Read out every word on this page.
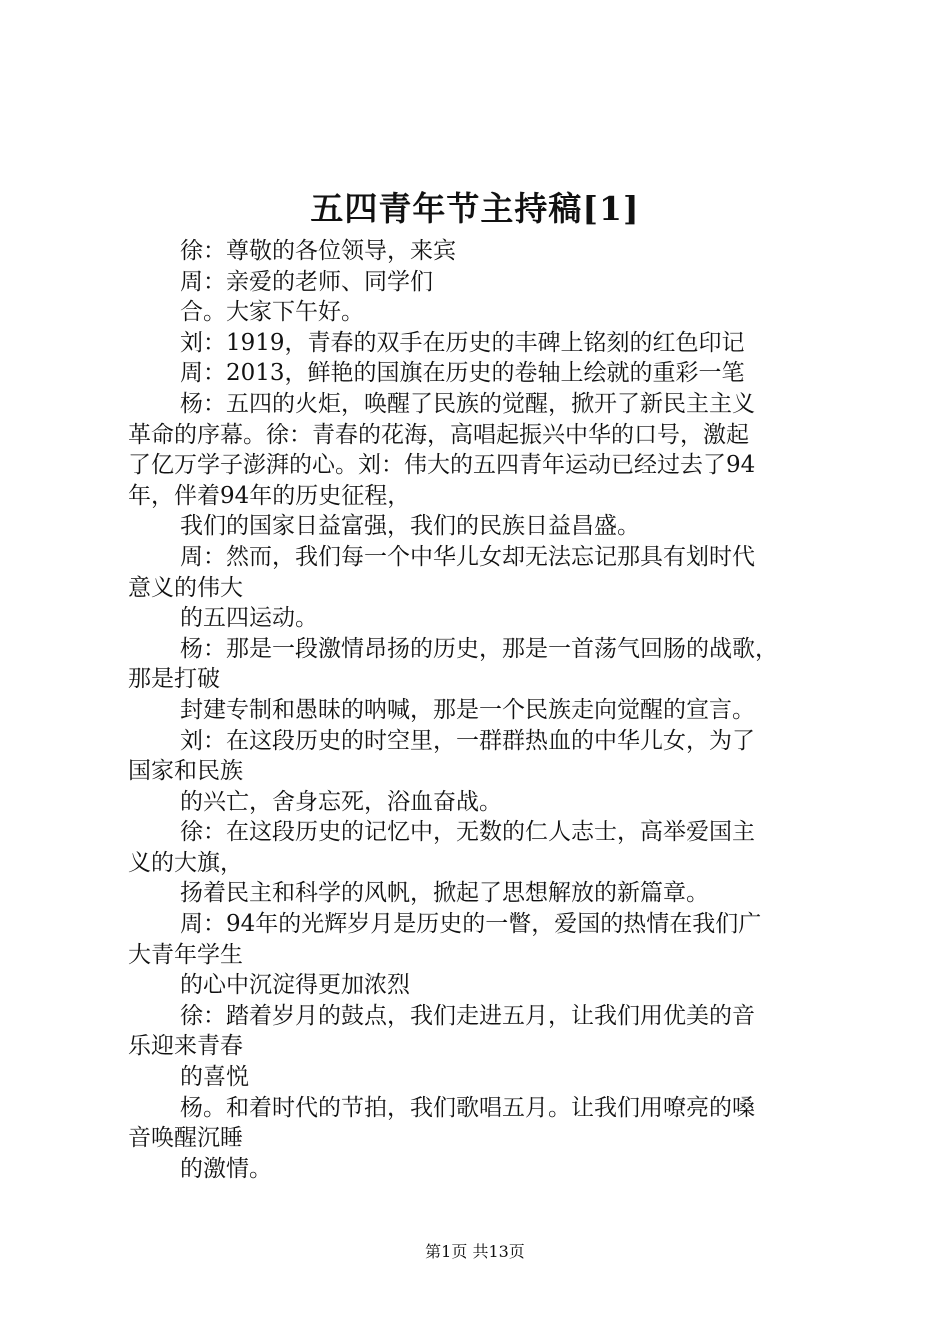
五四青年节主持稿[1]

徐：尊敬的各位领导，来宾

周：亲爱的老师、同学们

合。大家下午好。

刘：1919，青春的双手在历史的丰碑上铭刻的红色印记

周：2013，鲜艳的国旗在历史的卷轴上绘就的重彩一笔

杨：五四的火炬，唤醒了民族的觉醒，掀开了新民主主义

革命的序幕。徐：青春的花海，高唱起振兴中华的口号，激起

了亿万学子澎湃的心。刘：伟大的五四青年运动已经过去了94

年，伴着94年的历史征程，

我们的国家日益富强，我们的民族日益昌盛。

周：然而，我们每一个中华儿女却无法忘记那具有划时代

意义的伟大

的五四运动。

杨：那是一段激情昂扬的历史，那是一首荡气回肠的战歌，

那是打破

封建专制和愚昧的呐喊，那是一个民族走向觉醒的宣言。

刘：在这段历史的时空里，一群群热血的中华儿女，为了

国家和民族

的兴亡，舍身忘死，浴血奋战。

徐：在这段历史的记忆中，无数的仁人志士，高举爱国主

义的大旗，

扬着民主和科学的风帆，掀起了思想解放的新篇章。

周：94年的光辉岁月是历史的一瞥，爱国的热情在我们广

大青年学生

的心中沉淀得更加浓烈

徐：踏着岁月的鼓点，我们走进五月，让我们用优美的音

乐迎来青春

的喜悦

杨。和着时代的节拍，我们歌唱五月。让我们用嘹亮的嗓

音唤醒沉睡

的激情。

第1页 共13页
